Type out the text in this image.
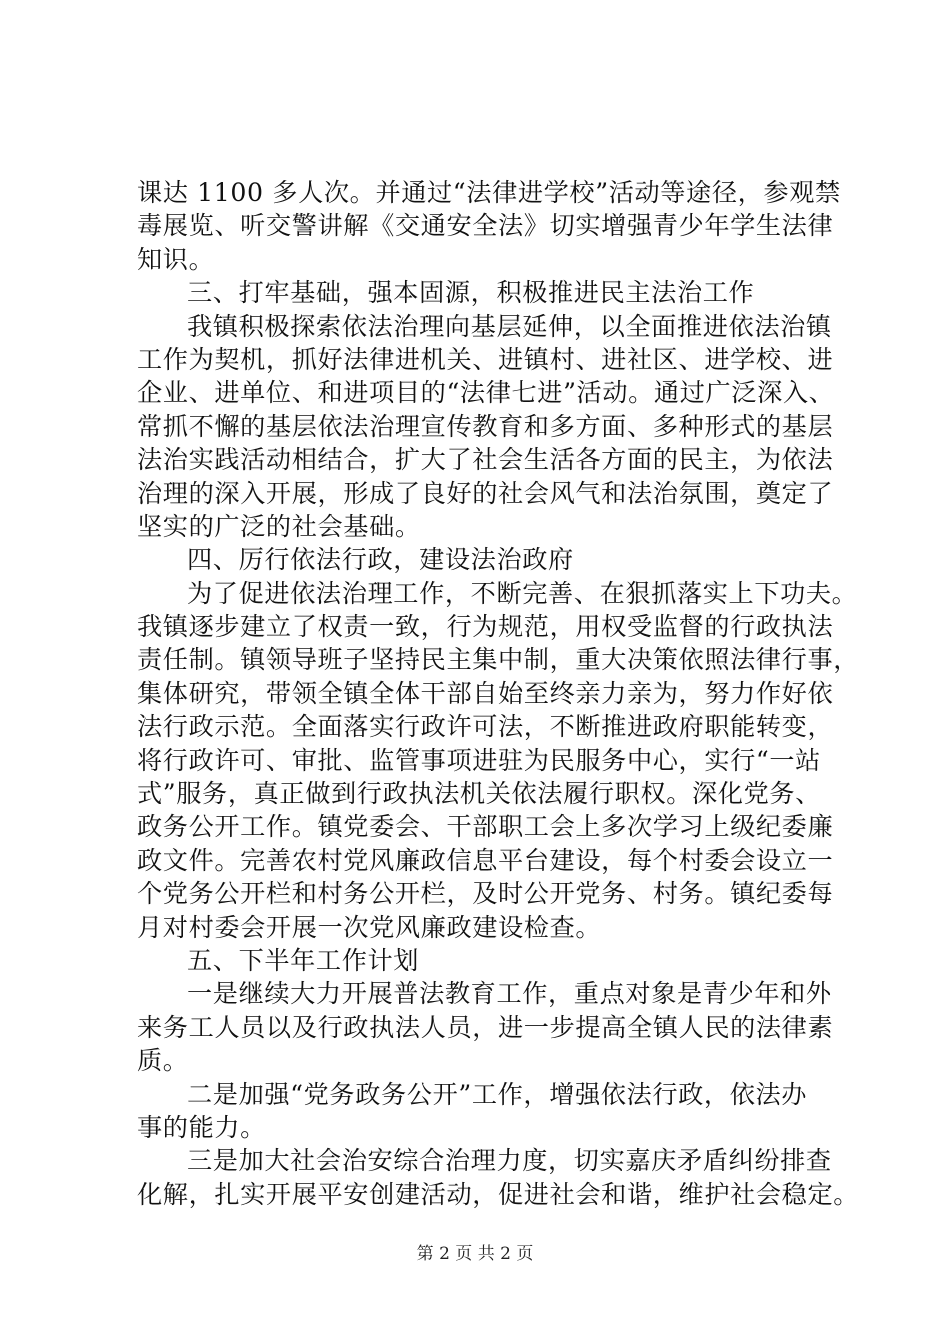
课达 1100 多人次。并通过“法律进学校”活动等途径，参观禁
毒展览、听交警讲解《交通安全法》切实增强青少年学生法律
知识。
三、打牢基础，强本固源，积极推进民主法治工作
我镇积极探索依法治理向基层延伸，以全面推进依法治镇
工作为契机，抓好法律进机关、进镇村、进社区、进学校、进
企业、进单位、和进项目的“法律七进”活动。通过广泛深入、
常抓不懈的基层依法治理宣传教育和多方面、多种形式的基层
法治实践活动相结合，扩大了社会生活各方面的民主，为依法
治理的深入开展，形成了良好的社会风气和法治氛围，奠定了
坚实的广泛的社会基础。
四、厉行依法行政，建设法治政府
为了促进依法治理工作，不断完善、在狠抓落实上下功夫。
我镇逐步建立了权责一致，行为规范，用权受监督的行政执法
责任制。镇领导班子坚持民主集中制，重大决策依照法律行事，
集体研究，带领全镇全体干部自始至终亲力亲为，努力作好依
法行政示范。全面落实行政许可法，不断推进政府职能转变，
将行政许可、审批、监管事项进驻为民服务中心，实行“一站
式”服务，真正做到行政执法机关依法履行职权。深化党务、
政务公开工作。镇党委会、干部职工会上多次学习上级纪委廉
政文件。完善农村党风廉政信息平台建设，每个村委会设立一
个党务公开栏和村务公开栏，及时公开党务、村务。镇纪委每
月对村委会开展一次党风廉政建设检查。
五、下半年工作计划
一是继续大力开展普法教育工作，重点对象是青少年和外
来务工人员以及行政执法人员，进一步提高全镇人民的法律素
质。
二是加强“党务政务公开”工作，增强依法行政，依法办
事的能力。
三是加大社会治安综合治理力度，切实嘉庆矛盾纠纷排查
化解，扎实开展平安创建活动，促进社会和谐，维护社会稳定。
第 2 页 共 2 页
